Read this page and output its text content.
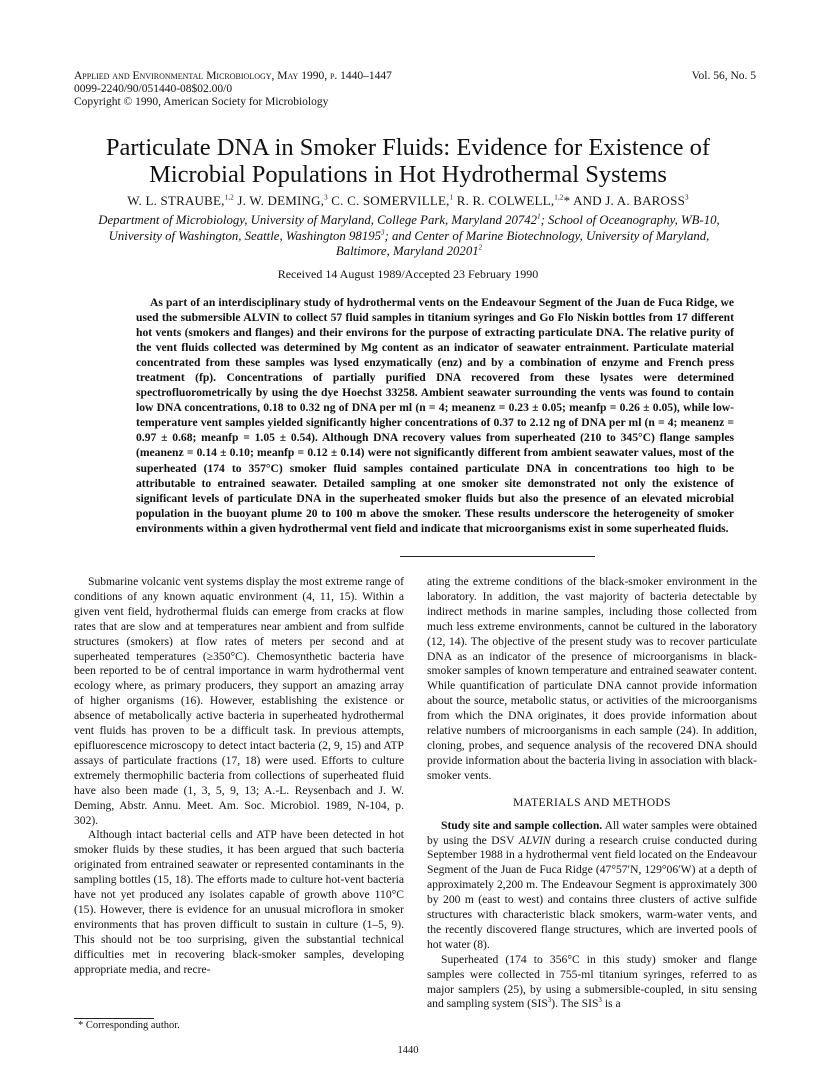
Applied and Environmental Microbiology, May 1990, p. 1440–1447
0099-2240/90/051440-08$02.00/0
Copyright © 1990, American Society for Microbiology
Vol. 56, No. 5
Particulate DNA in Smoker Fluids: Evidence for Existence of
Microbial Populations in Hot Hydrothermal Systems
W. L. STRAUBE,$^{1,2}$ J. W. DEMING,$^3$ C. C. SOMERVILLE,$^1$ R. R. COLWELL,$^{1,2}$* AND J. A. BAROSS$^3$
Department of Microbiology, University of Maryland, College Park, Maryland 20742$^1$; School of Oceanography, WB-10, University of Washington, Seattle, Washington 98195$^3$; and Center of Marine Biotechnology, University of Maryland, Baltimore, Maryland 20201$^2$
Received 14 August 1989/Accepted 23 February 1990
As part of an interdisciplinary study of hydrothermal vents on the Endeavour Segment of the Juan de Fuca Ridge, we used the submersible ALVIN to collect 57 fluid samples in titanium syringes and Go Flo Niskin bottles from 17 different hot vents (smokers and flanges) and their environs for the purpose of extracting particulate DNA. The relative purity of the vent fluids collected was determined by Mg content as an indicator of seawater entrainment. Particulate material concentrated from these samples was lysed enzymatically (enz) and by a combination of enzyme and French press treatment (fp). Concentrations of partially purified DNA recovered from these lysates were determined spectrofluorometrically by using the dye Hoechst 33258. Ambient seawater surrounding the vents was found to contain low DNA concentrations, 0.18 to 0.32 ng of DNA per ml (n = 4; meanenz = 0.23 ± 0.05; meanfp = 0.26 ± 0.05), while low-temperature vent samples yielded significantly higher concentrations of 0.37 to 2.12 ng of DNA per ml (n = 4; meanenz = 0.97 ± 0.68; meanfp = 1.05 ± 0.54). Although DNA recovery values from superheated (210 to 345°C) flange samples (meanenz = 0.14 ± 0.10; meanfp = 0.12 ± 0.14) were not significantly different from ambient seawater values, most of the superheated (174 to 357°C) smoker fluid samples contained particulate DNA in concentrations too high to be attributable to entrained seawater. Detailed sampling at one smoker site demonstrated not only the existence of significant levels of particulate DNA in the superheated smoker fluids but also the presence of an elevated microbial population in the buoyant plume 20 to 100 m above the smoker. These results underscore the heterogeneity of smoker environments within a given hydrothermal vent field and indicate that microorganisms exist in some superheated fluids.

Submarine volcanic vent systems display the most extreme range of conditions of any known aquatic environment (4, 11, 15). Within a given vent field, hydrothermal fluids can emerge from cracks at flow rates that are slow and at temperatures near ambient and from sulfide structures (smokers) at flow rates of meters per second and at superheated temperatures (≥350°C). Chemosynthetic bacteria have been reported to be of central importance in warm hydrothermal vent ecology where, as primary producers, they support an amazing array of higher organisms (16). However, establishing the existence or absence of metabolically active bacteria in superheated hydrothermal vent fluids has proven to be a difficult task. In previous attempts, epifluorescence microscopy to detect intact bacteria (2, 9, 15) and ATP assays of particulate fractions (17, 18) were used. Efforts to culture extremely thermophilic bacteria from collections of superheated fluid have also been made (1, 3, 5, 9, 13; A.-L. Reysenbach and J. W. Deming, Abstr. Annu. Meet. Am. Soc. Microbiol. 1989, N-104, p. 302).

Although intact bacterial cells and ATP have been detected in hot smoker fluids by these studies, it has been argued that such bacteria originated from entrained seawater or represented contaminants in the sampling bottles (15, 18). The efforts made to culture hot-vent bacteria have not yet produced any isolates capable of growth above 110°C (15). However, there is evidence for an unusual microflora in smoker environments that has proven difficult to sustain in culture (1–5, 9). This should not be too surprising, given the substantial technical difficulties met in recovering black-smoker samples, developing appropriate media, and recre-

ating the extreme conditions of the black-smoker environment in the laboratory. In addition, the vast majority of bacteria detectable by indirect methods in marine samples, including those collected from much less extreme environments, cannot be cultured in the laboratory (12, 14). The objective of the present study was to recover particulate DNA as an indicator of the presence of microorganisms in black-smoker samples of known temperature and entrained seawater content. While quantification of particulate DNA cannot provide information about the source, metabolic status, or activities of the microorganisms from which the DNA originates, it does provide information about relative numbers of microorganisms in each sample (24). In addition, cloning, probes, and sequence analysis of the recovered DNA should provide information about the bacteria living in association with black-smoker vents.

MATERIALS AND METHODS

Study site and sample collection. All water samples were obtained by using the DSV ALVIN during a research cruise conducted during September 1988 in a hydrothermal vent field located on the Endeavour Segment of the Juan de Fuca Ridge (47°57′N, 129°06′W) at a depth of approximately 2,200 m. The Endeavour Segment is approximately 300 by 200 m (east to west) and contains three clusters of active sulfide structures with characteristic black smokers, warm-water vents, and the recently discovered flange structures, which are inverted pools of hot water (8).

Superheated (174 to 356°C in this study) smoker and flange samples were collected in 755-ml titanium syringes, referred to as major samplers (25), by using a submersible-coupled, in situ sensing and sampling system (SIS$^3$). The SIS$^3$ is a

* Corresponding author.
1440
